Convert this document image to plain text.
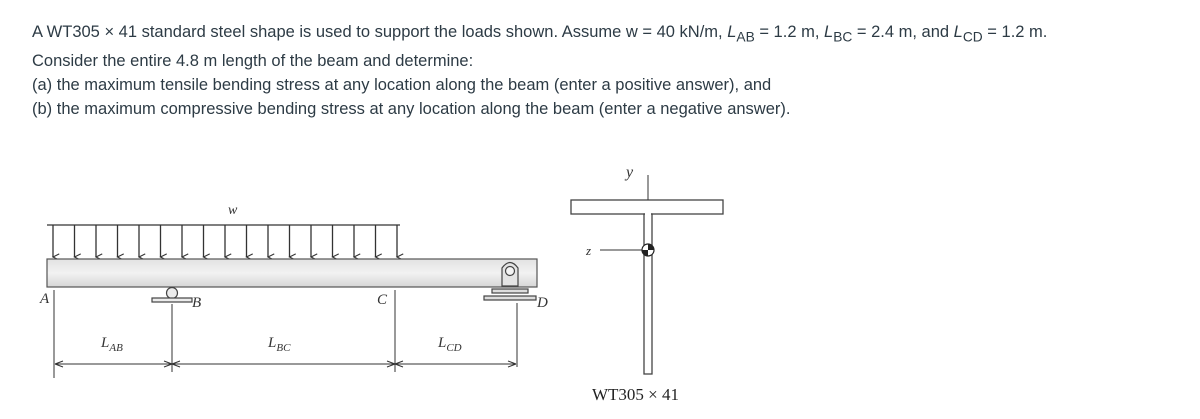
A WT305 × 41 standard steel shape is used to support the loads shown. Assume w = 40 kN/m, $L_{AB} = 1.2$ m, $L_{BC} = 2.4$ m, and $L_{CD} = 1.2$ m.

Consider the entire 4.8 m length of the beam and determine:

(a) the maximum tensile bending stress at any location along the beam (enter a positive answer), and

(b) the maximum compressive bending stress at any location along the beam (enter a negative answer).

w
A	B	C	D
$L_{AB}$	$L_{BC}$	$L_{CD}$
y
z
WT305 × 41
